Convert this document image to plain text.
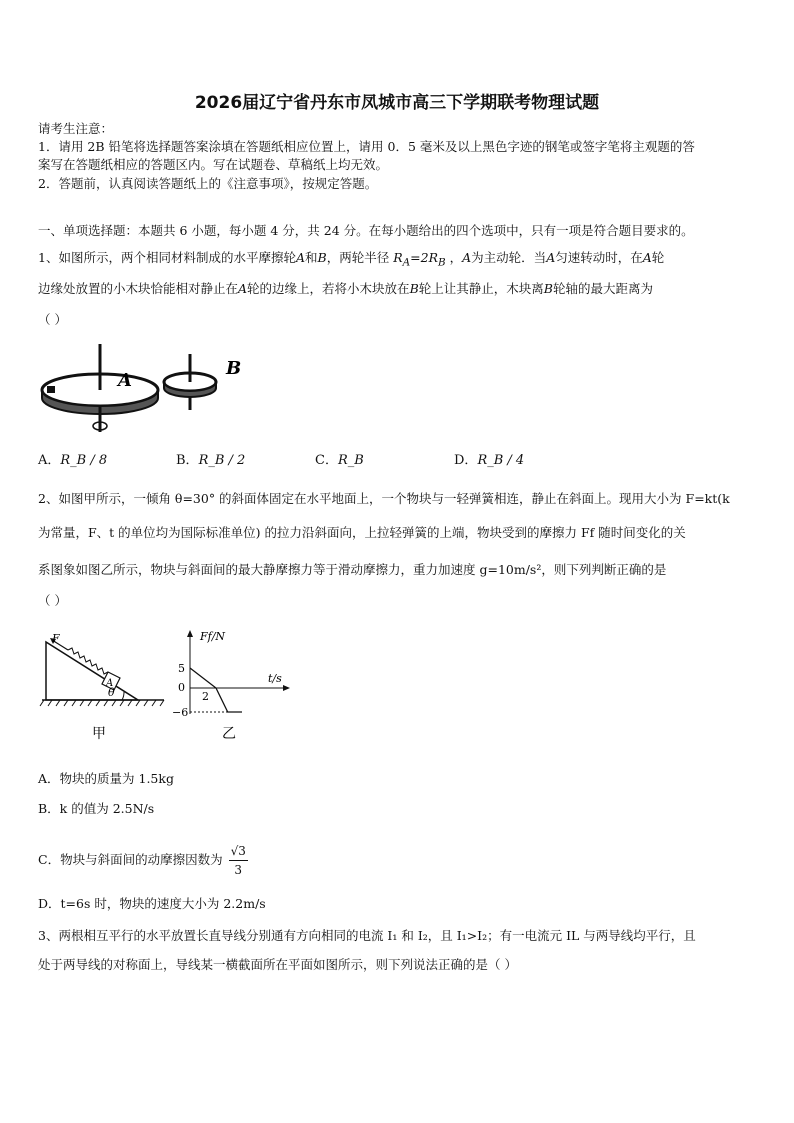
2026届辽宁省丹东市凤城市高三下学期联考物理试题
请考生注意：
1．请用 2B 铅笔将选择题答案涂填在答题纸相应位置上，请用 0．5 毫米及以上黑色字迹的钢笔或签字笔将主观题的答
案写在答题纸相应的答题区内。写在试题卷、草稿纸上均无效。
2．答题前，认真阅读答题纸上的《注意事项》，按规定答题。
一、单项选择题：本题共 6 小题，每小题 4 分，共 24 分。在每小题给出的四个选项中，只有一项是符合题目要求的。
1、如图所示，两个相同材料制成的水平摩擦轮A和B，两轮半径 $R_A=2R_B$ ，A为主动轮．当A匀速转动时，在A轮
边缘处放置的小木块恰能相对静止在A轮的边缘上，若将小木块放在B轮上让其静止，木块离B轮轴的最大距离为
（ ）
A
B
A．R_B / 8	B．R_B / 2	C．R_B	D．R_B / 4
2、如图甲所示，一倾角 θ=30° 的斜面体固定在水平地面上，一个物块与一轻弹簧相连，静止在斜面上。现用大小为 F=kt(k
为常量，F、t 的单位均为国际标准单位) 的拉力沿斜面向，上拉轻弹簧的上端，物块受到的摩擦力 Ff 随时间变化的关
系图象如图乙所示，物块与斜面间的最大静摩擦力等于滑动摩擦力，重力加速度 g=10m/s²，则下列判断正确的是
（ ）
F
A
θ
甲
Ff/N
t/s
5
0
−6
2
乙
A．物块的质量为 1.5kg
B．k 的值为 2.5N/s
C．物块与斜面间的动摩擦因数为 $\frac{√3}{3}$
D．t=6s 时，物块的速度大小为 2.2m/s
3、两根相互平行的水平放置长直导线分别通有方向相同的电流 I₁ 和 I₂，且 I₁>I₂；有一电流元 IL 与两导线均平行，且
处于两导线的对称面上，导线某一横截面所在平面如图所示，则下列说法正确的是（ ）
